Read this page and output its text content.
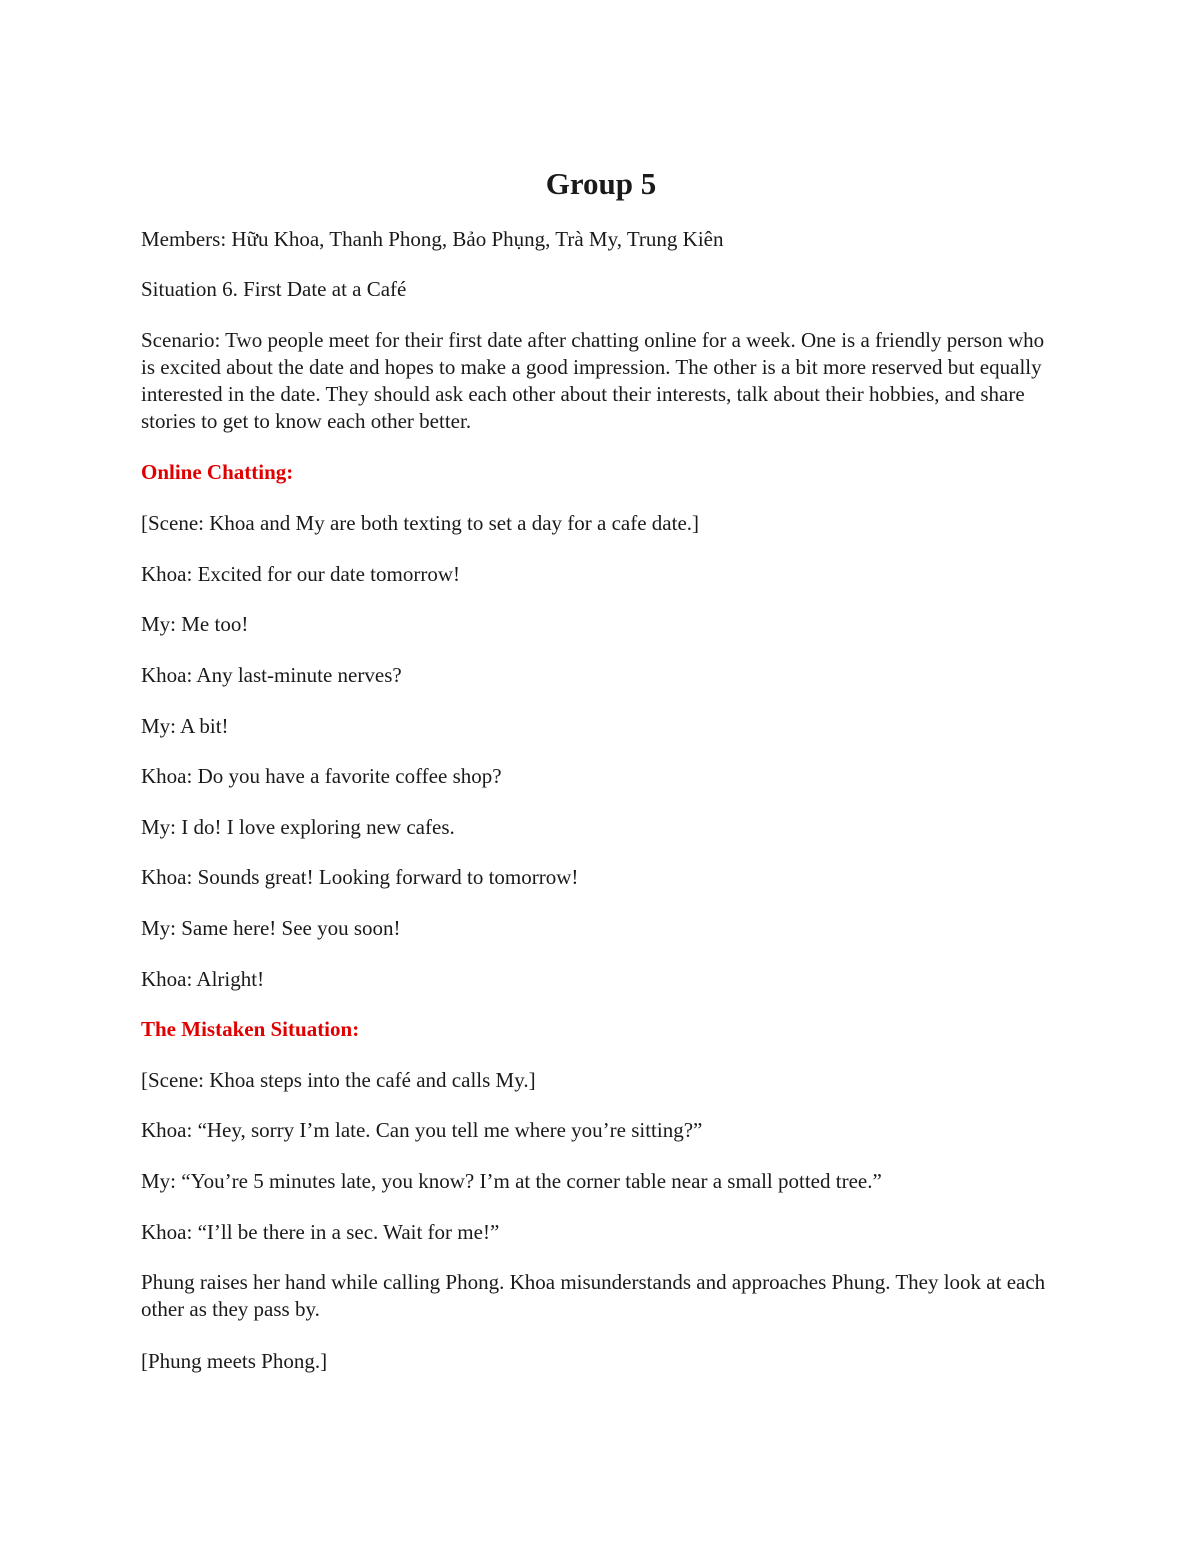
Group 5

Members: Hữu Khoa, Thanh Phong, Bảo Phụng, Trà My, Trung Kiên

Situation 6. First Date at a Café

Scenario: Two people meet for their first date after chatting online for a week. One is a friendly person who is excited about the date and hopes to make a good impression. The other is a bit more reserved but equally interested in the date. They should ask each other about their interests, talk about their hobbies, and share stories to get to know each other better.

Online Chatting:

[Scene: Khoa and My are both texting to set a day for a cafe date.]

Khoa: Excited for our date tomorrow!

My: Me too!

Khoa: Any last-minute nerves?

My: A bit!

Khoa: Do you have a favorite coffee shop?

My: I do! I love exploring new cafes.

Khoa: Sounds great! Looking forward to tomorrow!

My: Same here! See you soon!

Khoa: Alright!

The Mistaken Situation:

[Scene: Khoa steps into the café and calls My.]

Khoa: “Hey, sorry I’m late. Can you tell me where you’re sitting?”

My: “You’re 5 minutes late, you know? I’m at the corner table near a small potted tree.”

Khoa: “I’ll be there in a sec. Wait for me!”

Phung raises her hand while calling Phong. Khoa misunderstands and approaches Phung. They look at each other as they pass by.

[Phung meets Phong.]
